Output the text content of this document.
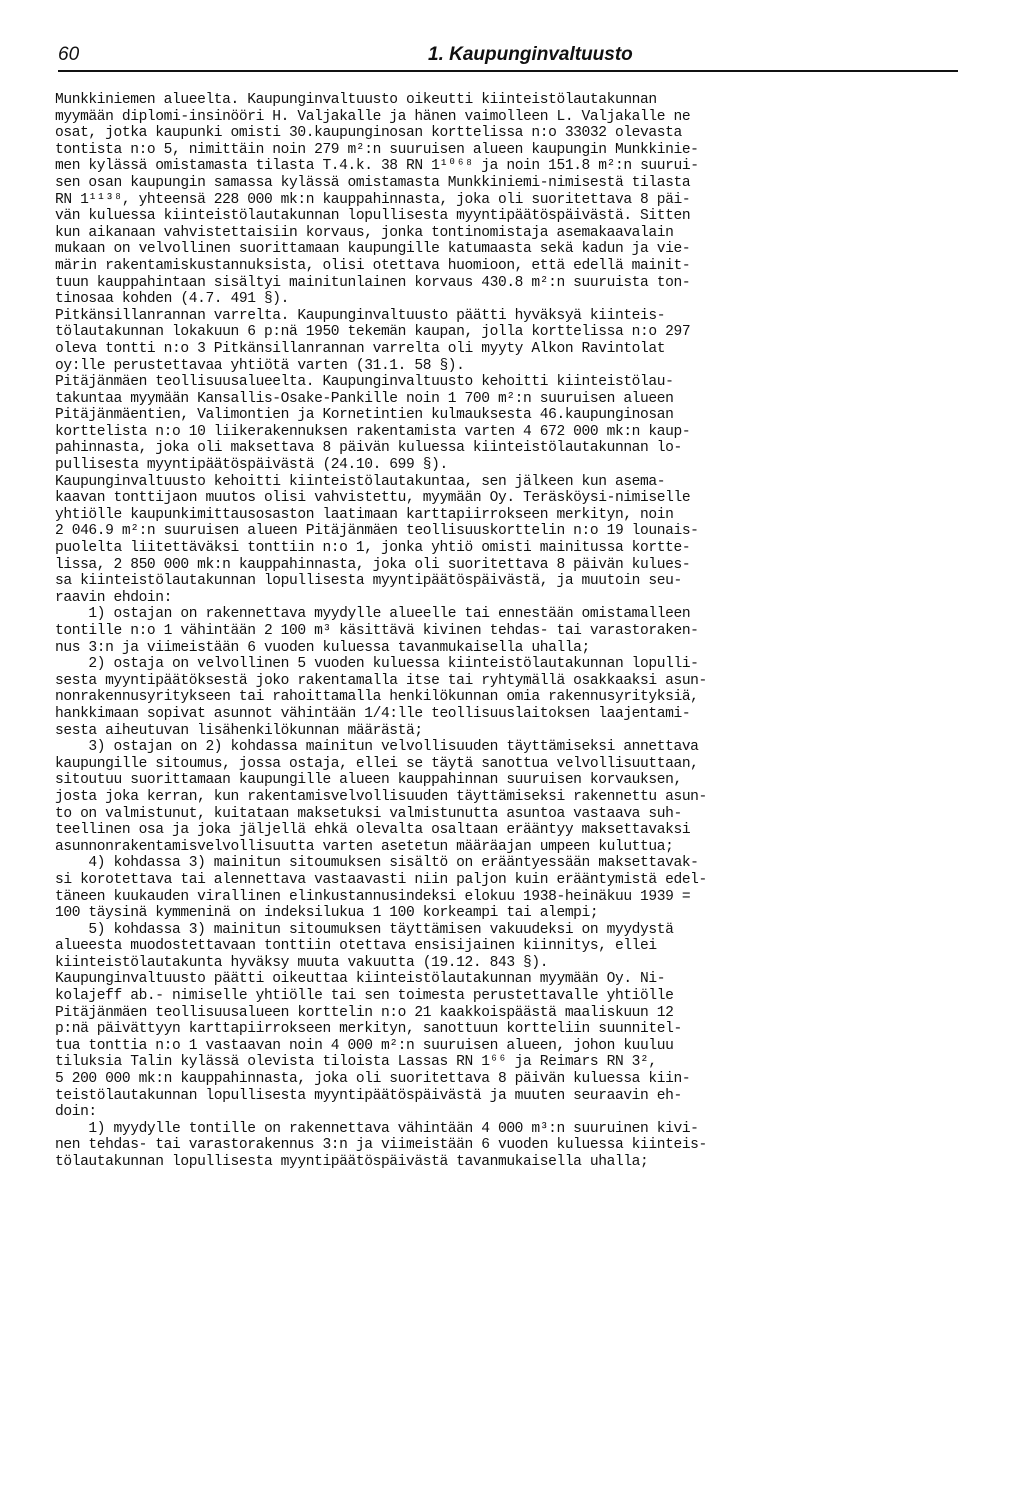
60	1. Kaupunginvaltuusto
Munkkiniemen alueelta. Kaupunginvaltuusto oikeutti kiinteistölautakunnan
myymään diplomi-insinööri H. Valjakalle ja hänen vaimolleen L. Valjakalle ne
osat, jotka kaupunki omisti 30.kaupunginosan korttelissa n:o 33032 olevasta
tontista n:o 5, nimittäin noin 279 m²:n suuruisen alueen kaupungin Munkkinie-
men kylässä omistamasta tilasta T.4.k. 38 RN 1¹⁰⁶⁸ ja noin 151.8 m²:n suurui-
sen osan kaupungin samassa kylässä omistamasta Munkkiniemi-nimisestä tilasta
RN 1¹¹³⁸, yhteensä 228 000 mk:n kauppahinnasta, joka oli suoritettava 8 päi-
vän kuluessa kiinteistölautakunnan lopullisesta myyntipäätöspäivästä. Sitten
kun aikanaan vahvistettaisiin korvaus, jonka tontinomistaja asemakaavalain
mukaan on velvollinen suorittamaan kaupungille katumaasta sekä kadun ja vie-
märin rakentamiskustannuksista, olisi otettava huomioon, että edellä mainit-
tuun kauppahintaan sisältyi mainitunlainen korvaus 430.8 m²:n suuruista ton-
tinosaa kohden (4.7. 491 §).
Pitkänsillanrannan varrelta. Kaupunginvaltuusto päätti hyväksyä kiinteis-
tölautakunnan lokakuun 6 p:nä 1950 tekemän kaupan, jolla korttelissa n:o 297
oleva tontti n:o 3 Pitkänsillanrannan varrelta oli myyty Alkon Ravintolat
oy:lle perustettavaa yhtiötä varten (31.1. 58 §).
Pitäjänmäen teollisuusalueelta. Kaupunginvaltuusto kehoitti kiinteistölau-
takuntaa myymään Kansallis-Osake-Pankille noin 1 700 m²:n suuruisen alueen
Pitäjänmäentien, Valimontien ja Kornetintien kulmauksesta 46.kaupunginosan
korttelista n:o 10 liikerakennuksen rakentamista varten 4 672 000 mk:n kaup-
pahinnasta, joka oli maksettava 8 päivän kuluessa kiinteistölautakunnan lo-
pullisesta myyntipäätöspäivästä (24.10. 699 §).
Kaupunginvaltuusto kehoitti kiinteistölautakuntaa, sen jälkeen kun asema-
kaavan tonttijaon muutos olisi vahvistettu, myymään Oy. Teräsköysi-nimiselle
yhtiölle kaupunkimittausosaston laatimaan karttapiirrokseen merkityn, noin
2 046.9 m²:n suuruisen alueen Pitäjänmäen teollisuuskorttelin n:o 19 lounais-
puolelta liitettäväksi tonttiin n:o 1, jonka yhtiö omisti mainitussa kortte-
lissa, 2 850 000 mk:n kauppahinnasta, joka oli suoritettava 8 päivän kulues-
sa kiinteistölautakunnan lopullisesta myyntipäätöspäivästä, ja muutoin seu-
raavin ehdoin:
1) ostajan on rakennettava myydylle alueelle tai ennestään omistamalleen
tontille n:o 1 vähintään 2 100 m³ käsittävä kivinen tehdas- tai varastoraken-
nus 3:n ja viimeistään 6 vuoden kuluessa tavanmukaisella uhalla;
2) ostaja on velvollinen 5 vuoden kuluessa kiinteistölautakunnan lopulli-
sesta myyntipäätöksestä joko rakentamalla itse tai ryhtymällä osakkaaksi asun-
nonrakennusyritykseen tai rahoittamalla henkilökunnan omia rakennusyrityksiä,
hankkimaan sopivat asunnot vähintään 1/4:lle teollisuuslaitoksen laajentami-
sesta aiheutuvan lisähenkilökunnan määrästä;
3) ostajan on 2) kohdassa mainitun velvollisuuden täyttämiseksi annettava
kaupungille sitoumus, jossa ostaja, ellei se täytä sanottua velvollisuuttaan,
sitoutuu suorittamaan kaupungille alueen kauppahinnan suuruisen korvauksen,
josta joka kerran, kun rakentamisvelvollisuuden täyttämiseksi rakennettu asun-
to on valmistunut, kuitataan maksetuksi valmistunutta asuntoa vastaava suh-
teellinen osa ja joka jäljellä ehkä olevalta osaltaan erääntyy maksettavaksi
asunnonrakentamisvelvollisuutta varten asetetun määräajan umpeen kuluttua;
4) kohdassa 3) mainitun sitoumuksen sisältö on erääntyessään maksettavak-
si korotettava tai alennettava vastaavasti niin paljon kuin erääntymistä edel-
täneen kuukauden virallinen elinkustannusindeksi elokuu 1938-heinäkuu 1939 =
100 täysinä kymmeninä on indeksilukua 1 100 korkeampi tai alempi;
5) kohdassa 3) mainitun sitoumuksen täyttämisen vakuudeksi on myydystä
alueesta muodostettavaan tonttiin otettava ensisijainen kiinnitys, ellei
kiinteistölautakunta hyväksy muuta vakuutta (19.12. 843 §).
Kaupunginvaltuusto päätti oikeuttaa kiinteistölautakunnan myymään Oy. Ni-
kolajeff ab.- nimiselle yhtiölle tai sen toimesta perustettavalle yhtiölle
Pitäjänmäen teollisuusalueen korttelin n:o 21 kaakkoispäästä maaliskuun 12
p:nä päivättyyn karttapiirrokseen merkityn, sanottuun kortteliin suunnitel-
tua tonttia n:o 1 vastaavan noin 4 000 m²:n suuruisen alueen, johon kuuluu
tiluksia Talin kylässä olevista tiloista Lassas RN 1⁶⁶ ja Reimars RN 3²,
5 200 000 mk:n kauppahinnasta, joka oli suoritettava 8 päivän kuluessa kiin-
teistölautakunnan lopullisesta myyntipäätöspäivästä ja muuten seuraavin eh-
doin:
1) myydylle tontille on rakennettava vähintään 4 000 m³:n suuruinen kivi-
nen tehdas- tai varastorakennus 3:n ja viimeistään 6 vuoden kuluessa kiinteis-
tölautakunnan lopullisesta myyntipäätöspäivästä tavanmukaisella uhalla;
